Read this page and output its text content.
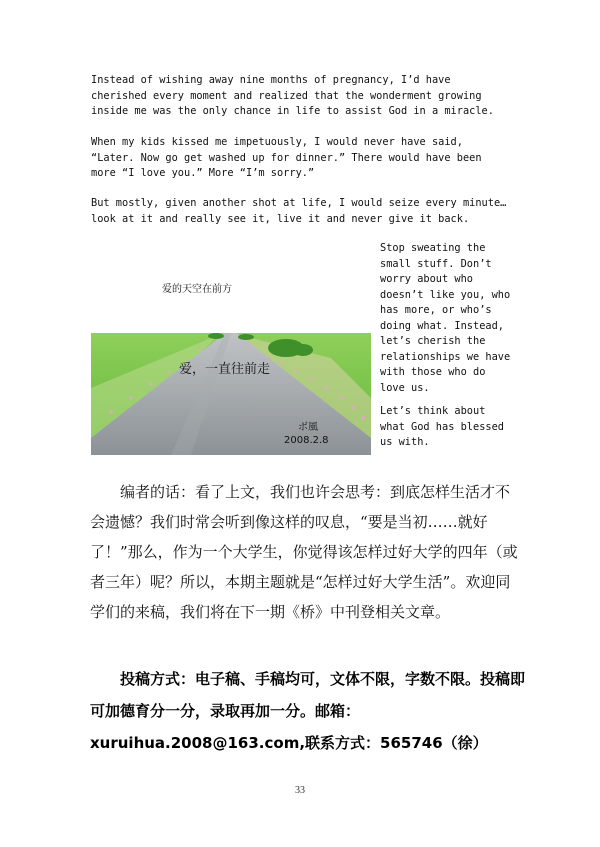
Instead of wishing away nine months of pregnancy, I’d have cherished every moment and realized that the wonderment growing inside me was the only chance in life to assist God in a miracle.

When my kids kissed me impetuously, I would never have said, “Later. Now go get washed up for dinner.” There would have been more “I love you.” More “I’m sorry.”

But mostly, given another shot at life, I would seize every minute… look at it and really see it, live it and never give it back.

爱的天空在前方
爱，一直往前走
ボ風
2008.2.8

Stop sweating the small stuff. Don’t worry about who doesn’t like you, who has more, or who’s doing what. Instead, let’s cherish the relationships we have with those who do love us.

Let’s think about what God has blessed us with.

编者的话：看了上文，我们也许会思考：到底怎样生活才不会遗憾？我们时常会听到像这样的叹息，“要是当初……就好了！”那么，作为一个大学生，你觉得该怎样过好大学的四年（或者三年）呢？所以，本期主题就是“怎样过好大学生活”。欢迎同学们的来稿，我们将在下一期《桥》中刊登相关文章。

投稿方式：电子稿、手稿均可，文体不限，字数不限。投稿即可加德育分一分，录取再加一分。邮箱：xuruihua.2008@163.com,联系方式：565746（徐）

33
